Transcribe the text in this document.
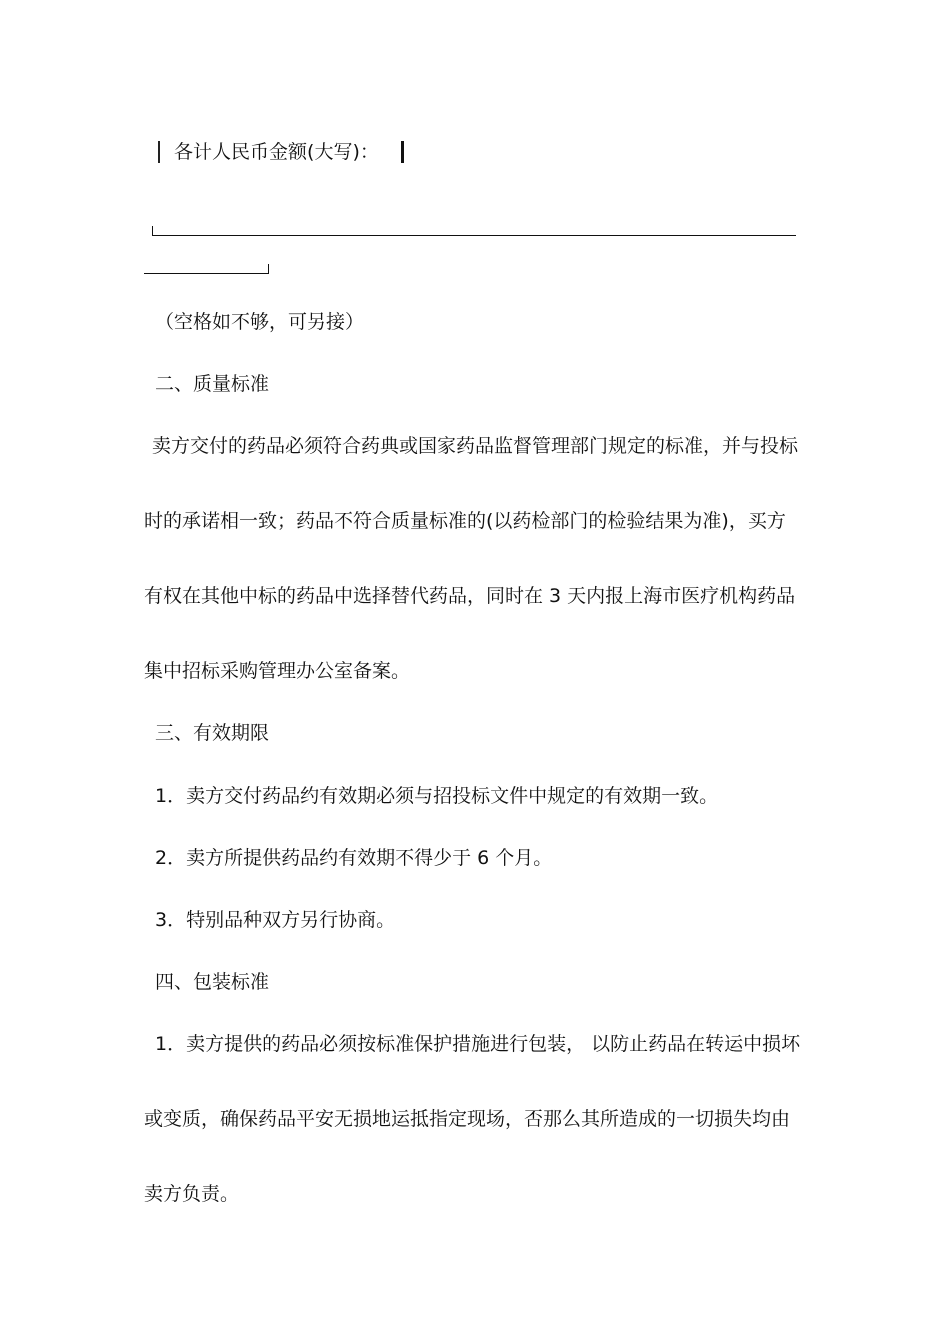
各计人民币金额(大写)：
（空格如不够，可另接）
二、质量标准
卖方交付的药品必须符合药典或国家药品监督管理部门规定的标准，并与投标
时的承诺相一致；药品不符合质量标准的(以药检部门的检验结果为准)，买方
有权在其他中标的药品中选择替代药品，同时在 3 天内报上海市医疗机构药品
集中招标采购管理办公室备案。
三、有效期限
1．卖方交付药品约有效期必须与招投标文件中规定的有效期一致。
2．卖方所提供药品约有效期不得少于 6 个月。
3．特别品种双方另行协商。
四、包装标准
1．卖方提供的药品必须按标准保护措施进行包装， 以防止药品在转运中损坏
或变质，确保药品平安无损地运抵指定现场，否那么其所造成的一切损失均由
卖方负责。
